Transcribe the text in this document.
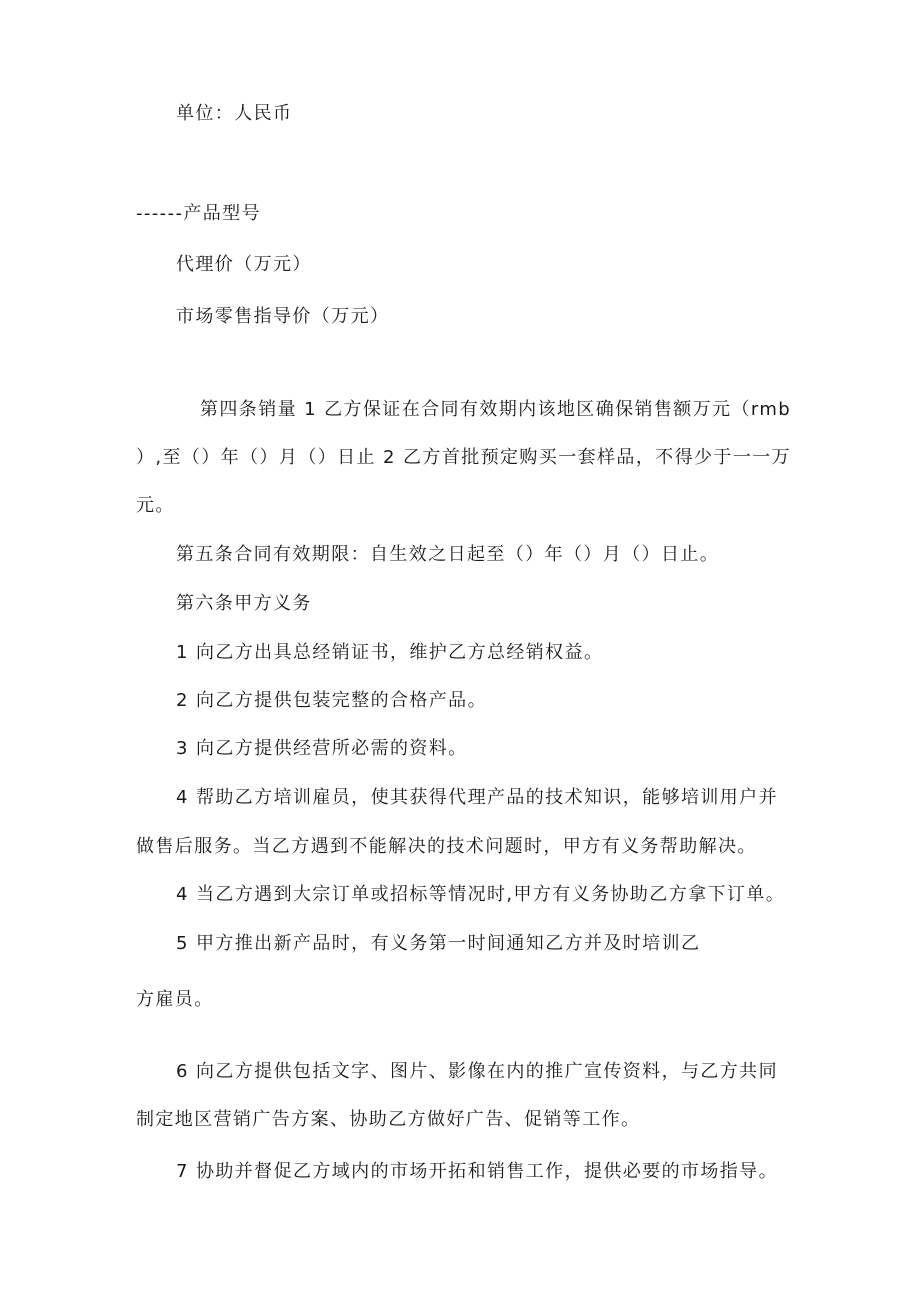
单位：人民币
------产品型号
代理价（万元）
市场零售指导价（万元）
第四条销量 1 乙方保证在合同有效期内该地区确保销售额万元（rmb
）,至（）年（）月（）日止 2 乙方首批预定购买一套样品，不得少于一一万
元。
第五条合同有效期限：自生效之日起至（）年（）月（）日止。
第六条甲方义务
1 向乙方出具总经销证书，维护乙方总经销权益。
2 向乙方提供包装完整的合格产品。
3 向乙方提供经营所必需的资料。
4 帮助乙方培训雇员，使其获得代理产品的技术知识，能够培训用户并
做售后服务。当乙方遇到不能解决的技术问题时，甲方有义务帮助解决。
4 当乙方遇到大宗订单或招标等情况时,甲方有义务协助乙方拿下订单。
5 甲方推出新产品时，有义务第一时间通知乙方并及时培训乙
方雇员。
6 向乙方提供包括文字、图片、影像在内的推广宣传资料，与乙方共同
制定地区营销广告方案、协助乙方做好广告、促销等工作。
7 协助并督促乙方域内的市场开拓和销售工作，提供必要的市场指导。
